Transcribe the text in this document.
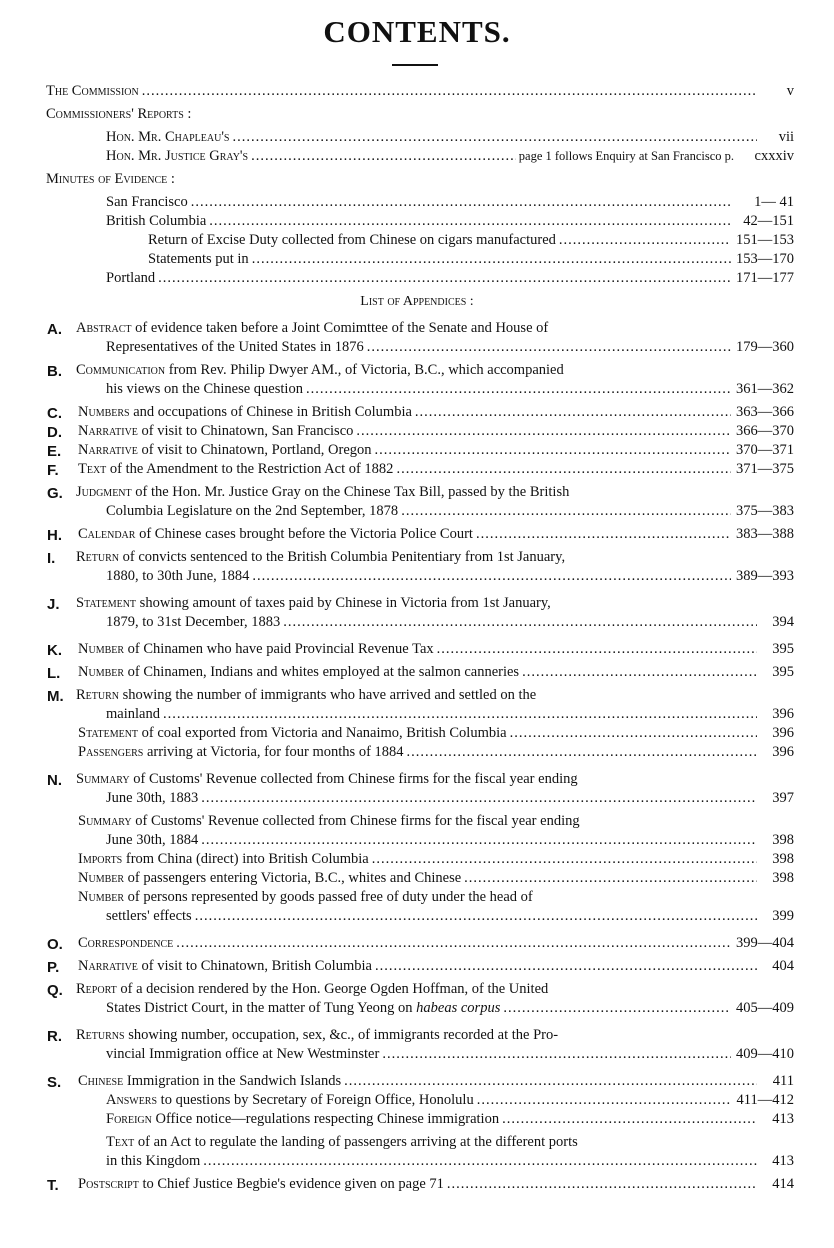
CONTENTS.
The Commission .....	v
Commissioners' Reports :
Hon. Mr. Chapleau's .....	vii
Hon. Mr. Justice Gray's .....	page 1 follows Enquiry at San Francisco p.	cxxxiv
Minutes of Evidence :
San Francisco .....	1— 41
British Columbia .....	42—151
Return of Excise Duty collected from Chinese on cigars manufactured .....	151—153
Statements put in .....	153—170
Portland .....	171—177
List of Appendices :
A. Abstract of evidence taken before a Joint Comimttee of the Senate and House of
Representatives of the United States in 1876 .....	179—360
B. Communication from Rev. Philip Dwyer AM., of Victoria, B.C., which accompanied
his views on the Chinese question .....	361—362
C. Numbers and occupations of Chinese in British Columbia .....	363—366
D. Narrative of visit to Chinatown, San Francisco .....	366—370
E. Narrative of visit to Chinatown, Portland, Oregon .....	370—371
F. Text of the Amendment to the Restriction Act of 1882 .....	371—375
G. Judgment of the Hon. Mr. Justice Gray on the Chinese Tax Bill, passed by the British
Columbia Legislature on the 2nd September, 1878 .....	375—383
H. Calendar of Chinese cases brought before the Victoria Police Court .....	383—388
I.	Return of convicts sentenced to the British Columbia Penitentiary from 1st January,
1880, to 30th June, 1884 .....	389—393
J.	Statement showing amount of taxes paid by Chinese in Victoria from 1st January,
1879, to 31st December, 1883 .....	394
K. Number of Chinamen who have paid Provincial Revenue Tax .....	395
L. Number of Chinamen, Indians and whites employed at the salmon canneries .....	395
M. Return showing the number of immigrants who have arrived and settled on the
mainland .....	396
Statement of coal exported from Victoria and Nanaimo, British Columbia .....	396
Passengers arriving at Victoria, for four months of 1884 .....	396
N. Summary of Customs' Revenue collected from Chinese firms for the fiscal year ending
June 30th, 1883 .....	397
Summary of Customs' Revenue collected from Chinese firms for the fiscal year ending
June 30th, 1884 .....	398
Imports from China (direct) into British Columbia .....	398
Number of passengers entering Victoria, B.C., whites and Chinese .....	398
Number of persons represented by goods passed free of duty under the head of
settlers' effects .....	399
O. Correspondence .....	399—404
P. Narrative of visit to Chinatown, British Columbia .....	404
Q. Report of a decision rendered by the Hon. George Ogden Hoffman, of the United
States District Court, in the matter of Tung Yeong on habeas corpus .....	405—409
R. Returns showing number, occupation, sex, &c., of immigrants recorded at the Pro-
vincial Immigration office at New Westminster .....	409—410
S. Chinese Immigration in the Sandwich Islands .....	411
Answers to questions by Secretary of Foreign Office, Honolulu .....	411—412
Foreign Office notice—regulations respecting Chinese immigration .....	413
Text of an Act to regulate the landing of passengers arriving at the different ports
in this Kingdom .....	413
T. Postscript to Chief Justice Begbie's evidence given on page 71 .....	414
